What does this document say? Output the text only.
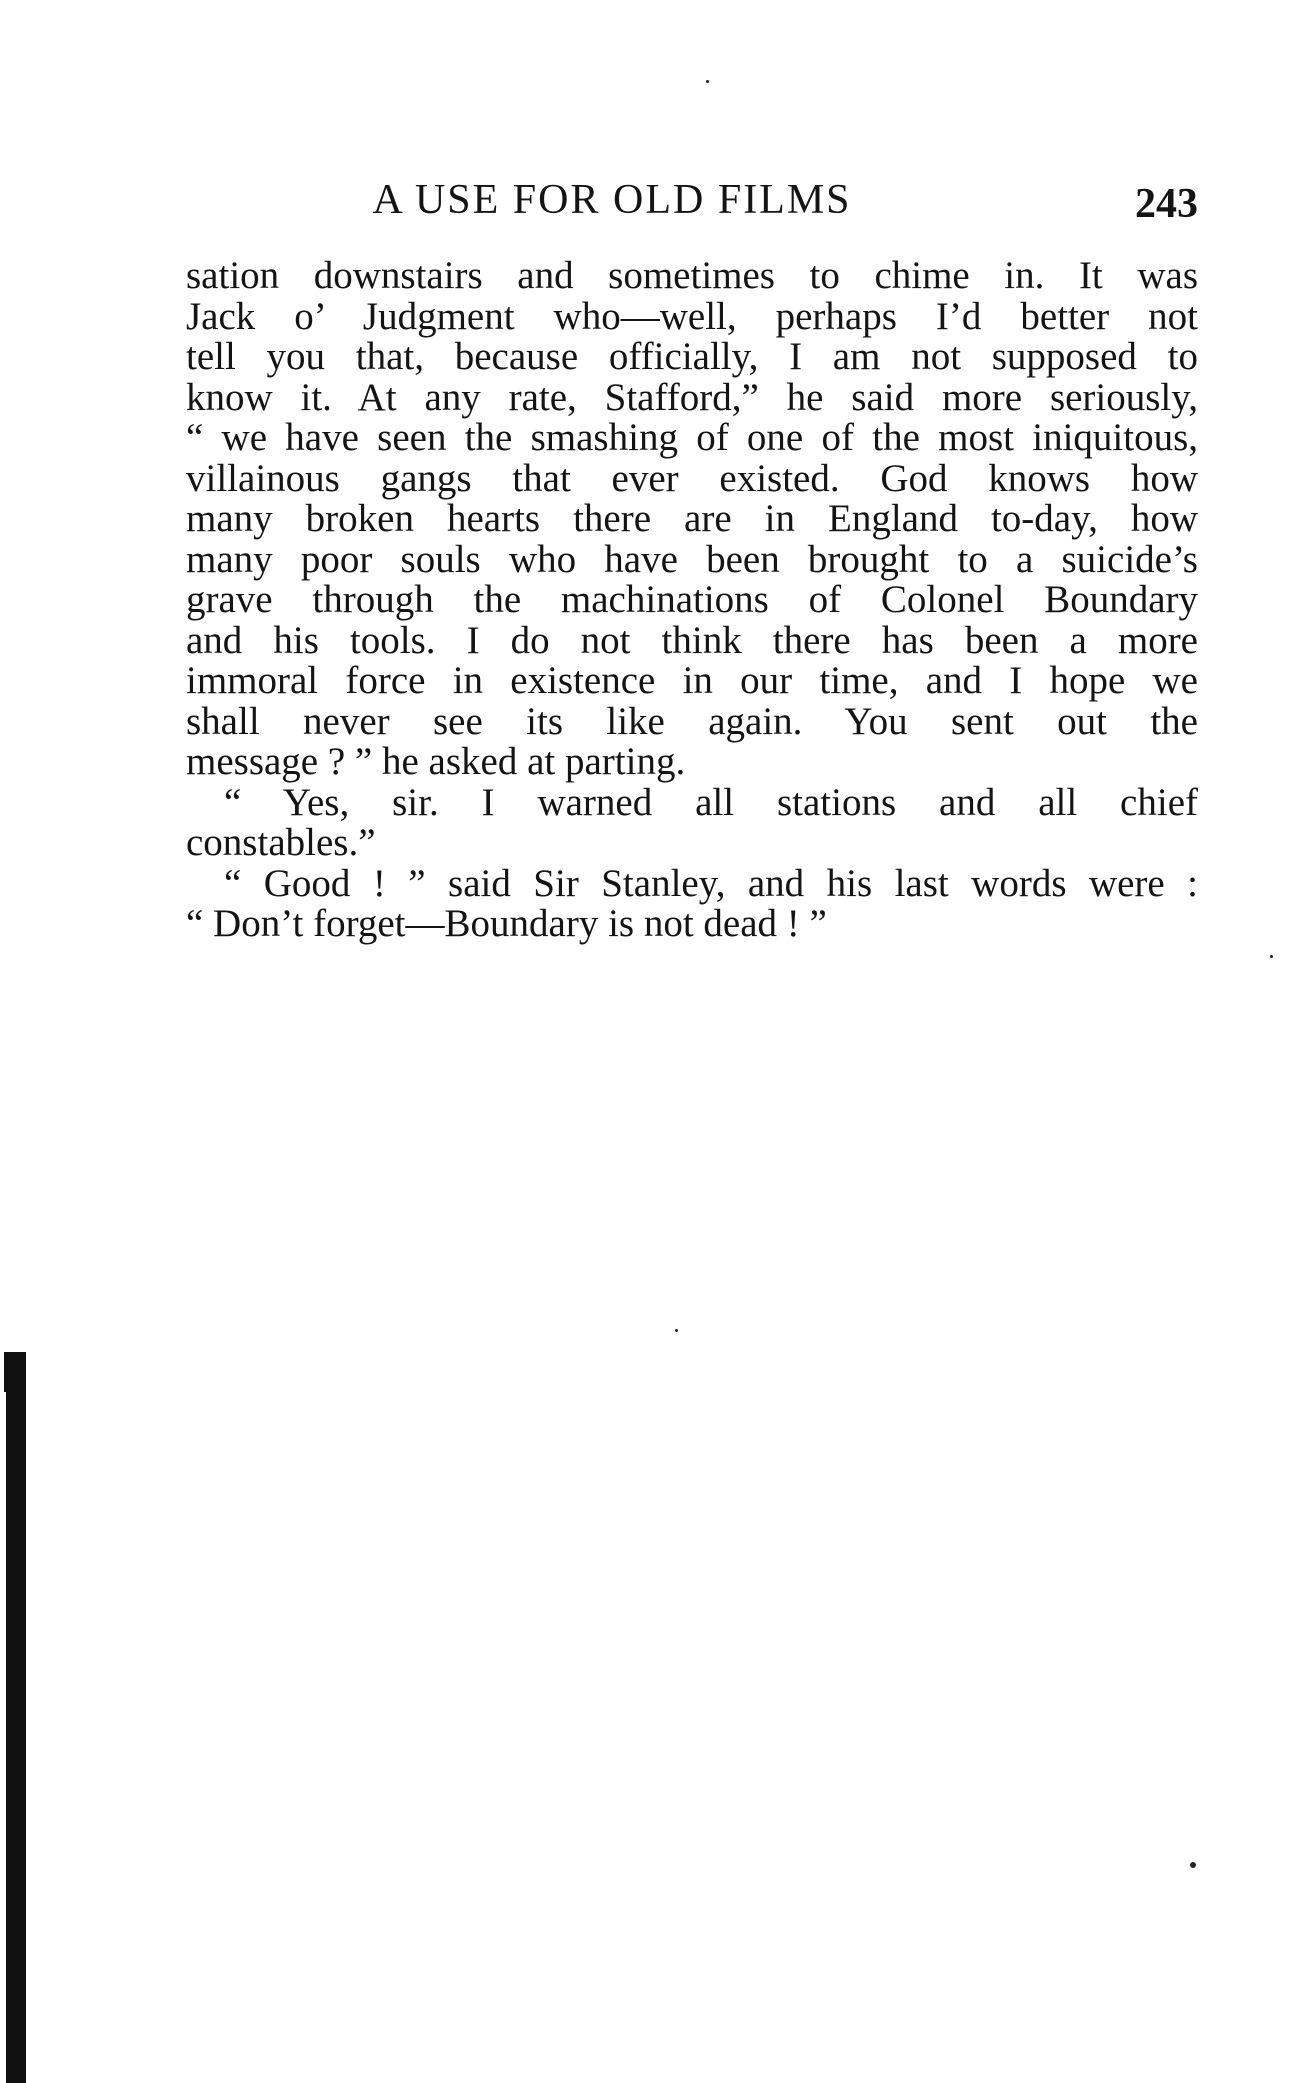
A USE FOR OLD FILMS	243
sation downstairs and sometimes to chime in. It was
Jack o’ Judgment who—well, perhaps I’d better not
tell you that, because officially, I am not supposed to
know it. At any rate, Stafford,” he said more seriously,
“ we have seen the smashing of one of the most iniquitous,
villainous gangs that ever existed. God knows how
many broken hearts there are in England to-day, how
many poor souls who have been brought to a suicide’s
grave through the machinations of Colonel Boundary
and his tools. I do not think there has been a more
immoral force in existence in our time, and I hope we
shall never see its like again. You sent out the
message ? ” he asked at parting.
“ Yes, sir. I warned all stations and all chief
constables.”
“ Good ! ” said Sir Stanley, and his last words were :
“ Don’t forget—Boundary is not dead ! ”
